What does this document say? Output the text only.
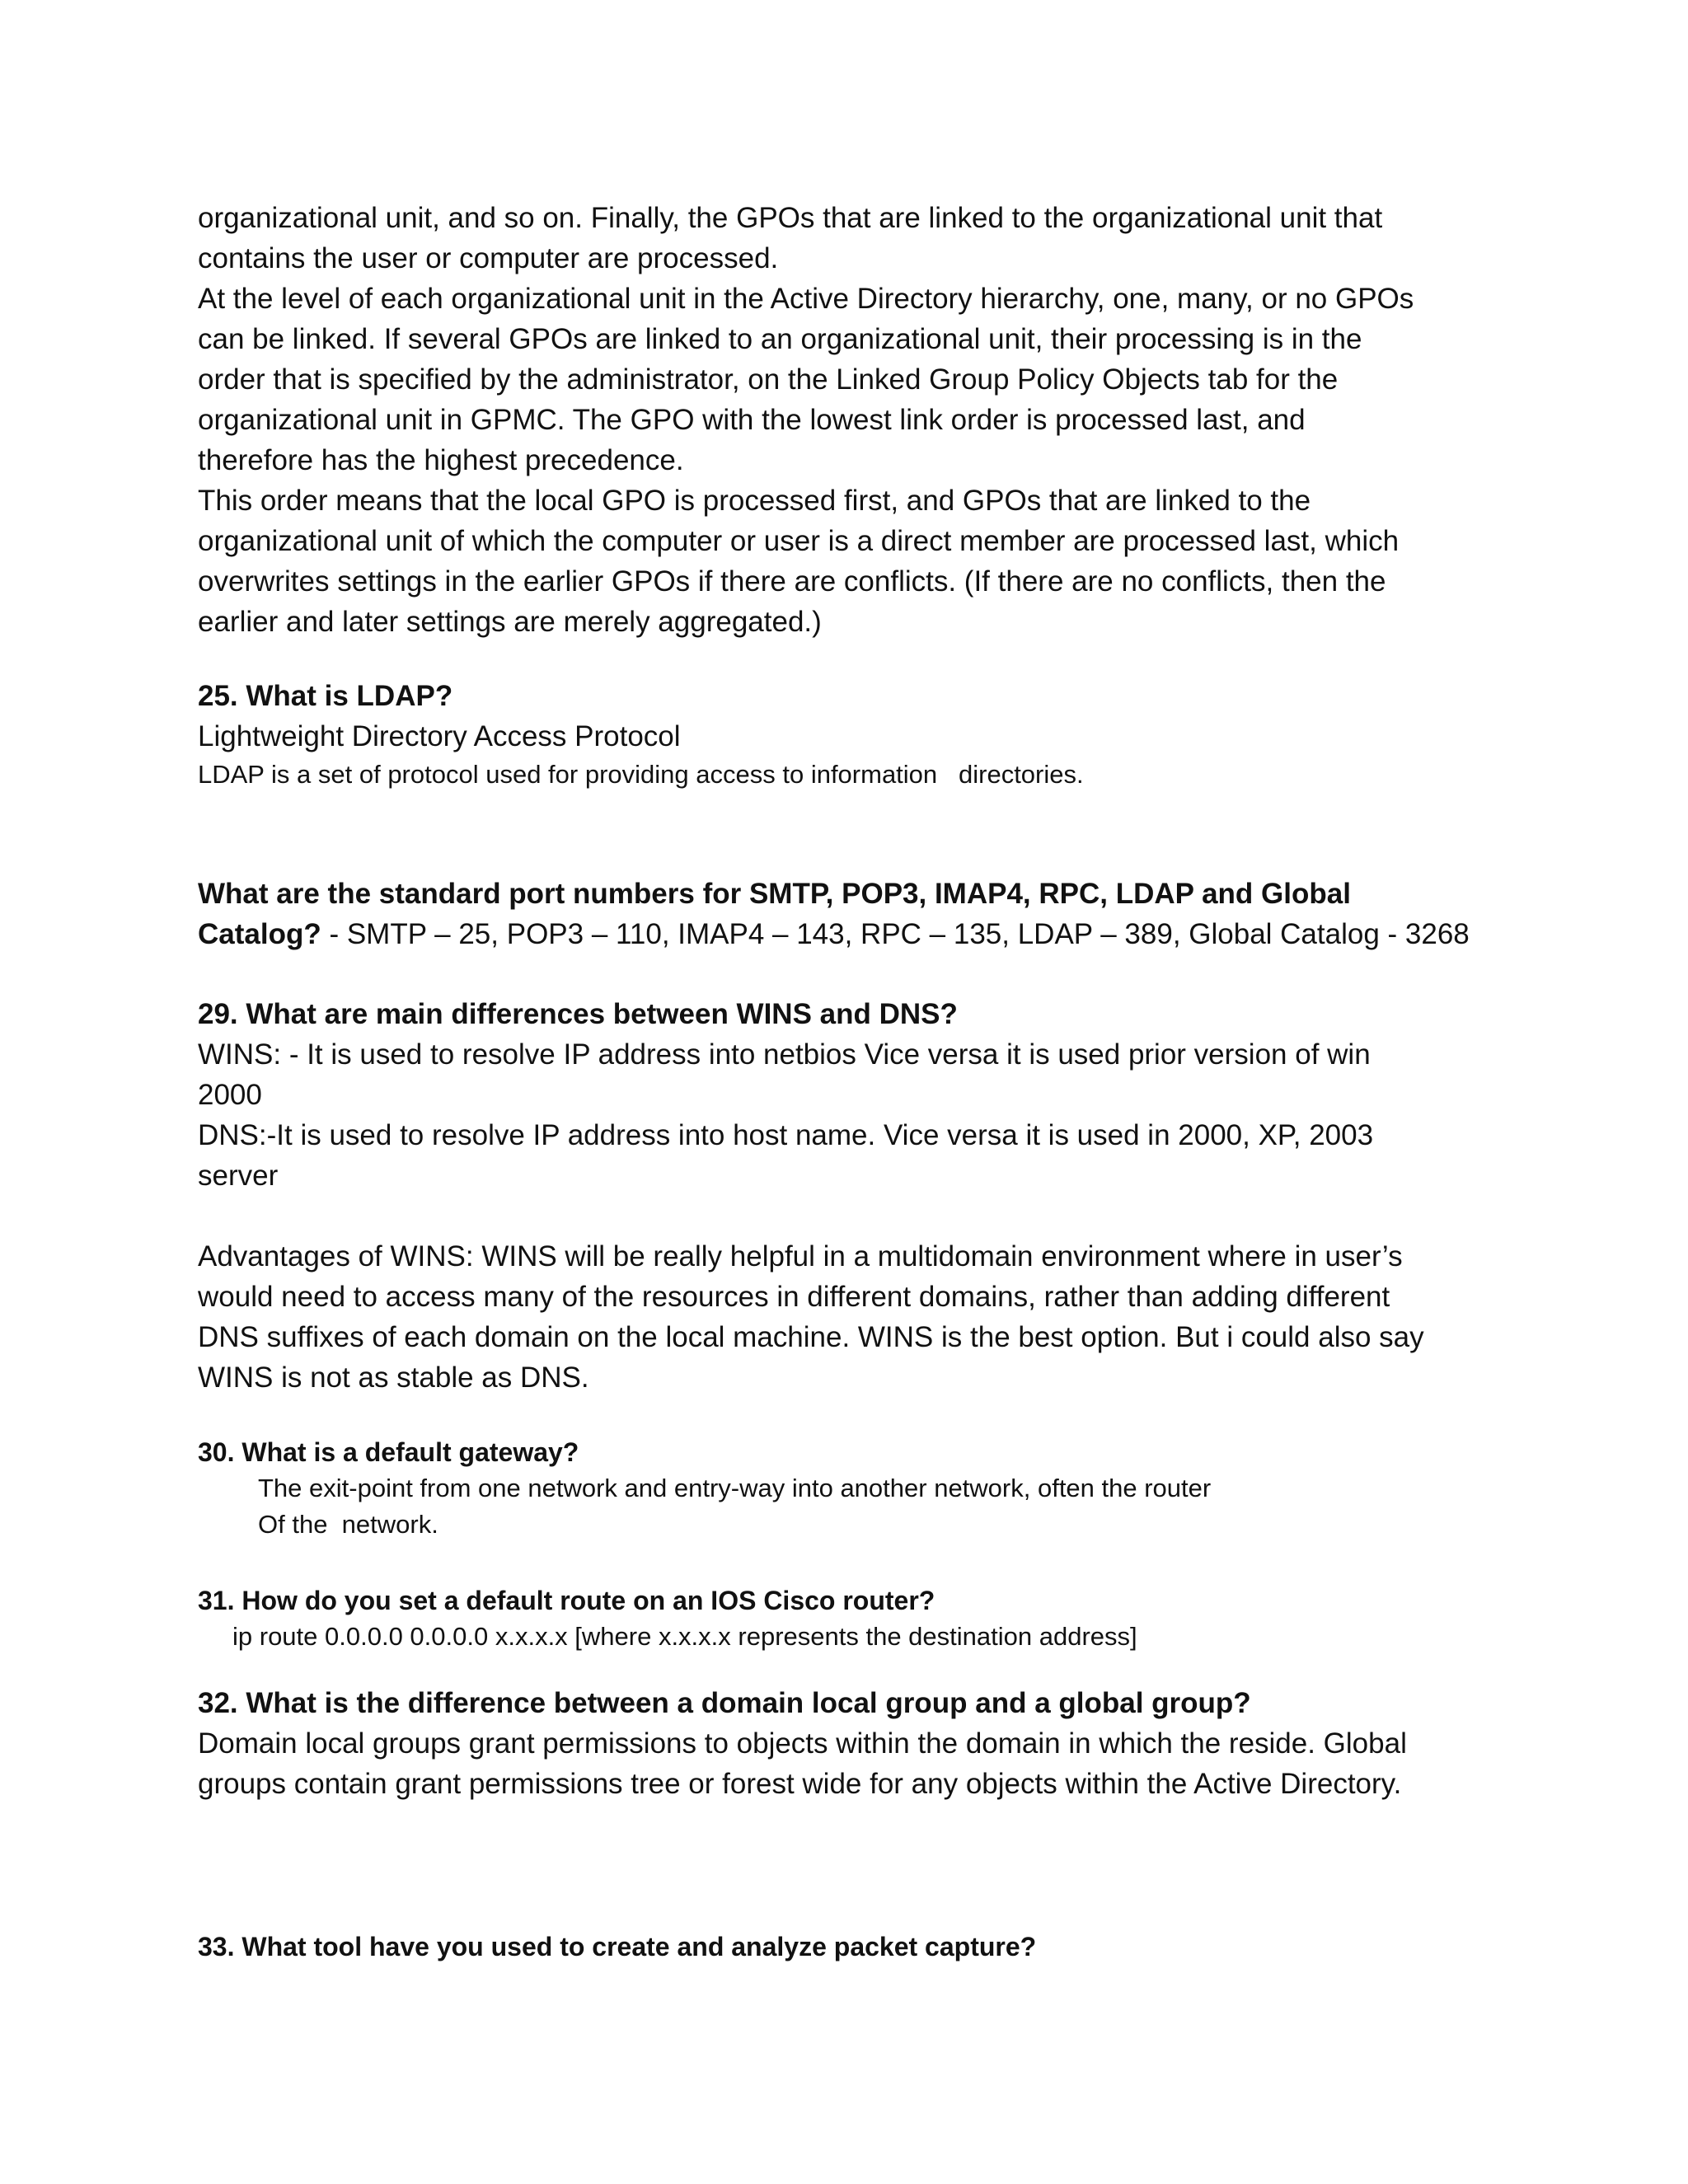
organizational unit, and so on. Finally, the GPOs that are linked to the organizational unit that

contains the user or computer are processed.

At the level of each organizational unit in the Active Directory hierarchy, one, many, or no GPOs

can be linked. If several GPOs are linked to an organizational unit, their processing is in the

order that is specified by the administrator, on the Linked Group Policy Objects tab for the

organizational unit in GPMC. The GPO with the lowest link order is processed last, and

therefore has the highest precedence.

This order means that the local GPO is processed first, and GPOs that are linked to the

organizational unit of which the computer or user is a direct member are processed last, which

overwrites settings in the earlier GPOs if there are conflicts. (If there are no conflicts, then the

earlier and later settings are merely aggregated.)

25. What is LDAP?

Lightweight Directory Access Protocol

LDAP is a set of protocol used for providing access to information   directories.

What are the standard port numbers for SMTP, POP3, IMAP4, RPC, LDAP and Global

Catalog? - SMTP – 25, POP3 – 110, IMAP4 – 143, RPC – 135, LDAP – 389, Global Catalog - 3268

29. What are main differences between WINS and DNS?

WINS: - It is used to resolve IP address into netbios Vice versa it is used prior version of win

2000

DNS:-It is used to resolve IP address into host name. Vice versa it is used in 2000, XP, 2003

server

Advantages of WINS: WINS will be really helpful in a multidomain environment where in user’s

would need to access many of the resources in different domains, rather than adding different

DNS suffixes of each domain on the local machine. WINS is the best option. But i could also say

WINS is not as stable as DNS.

30. What is a default gateway?

The exit-point from one network and entry-way into another network, often the router

Of the  network.

31. How do you set a default route on an IOS Cisco router?

ip route 0.0.0.0 0.0.0.0 x.x.x.x [where x.x.x.x represents the destination address]

32. What is the difference between a domain local group and a global group?

Domain local groups grant permissions to objects within the domain in which the reside. Global

groups contain grant permissions tree or forest wide for any objects within the Active Directory.

33. What tool have you used to create and analyze packet capture?
